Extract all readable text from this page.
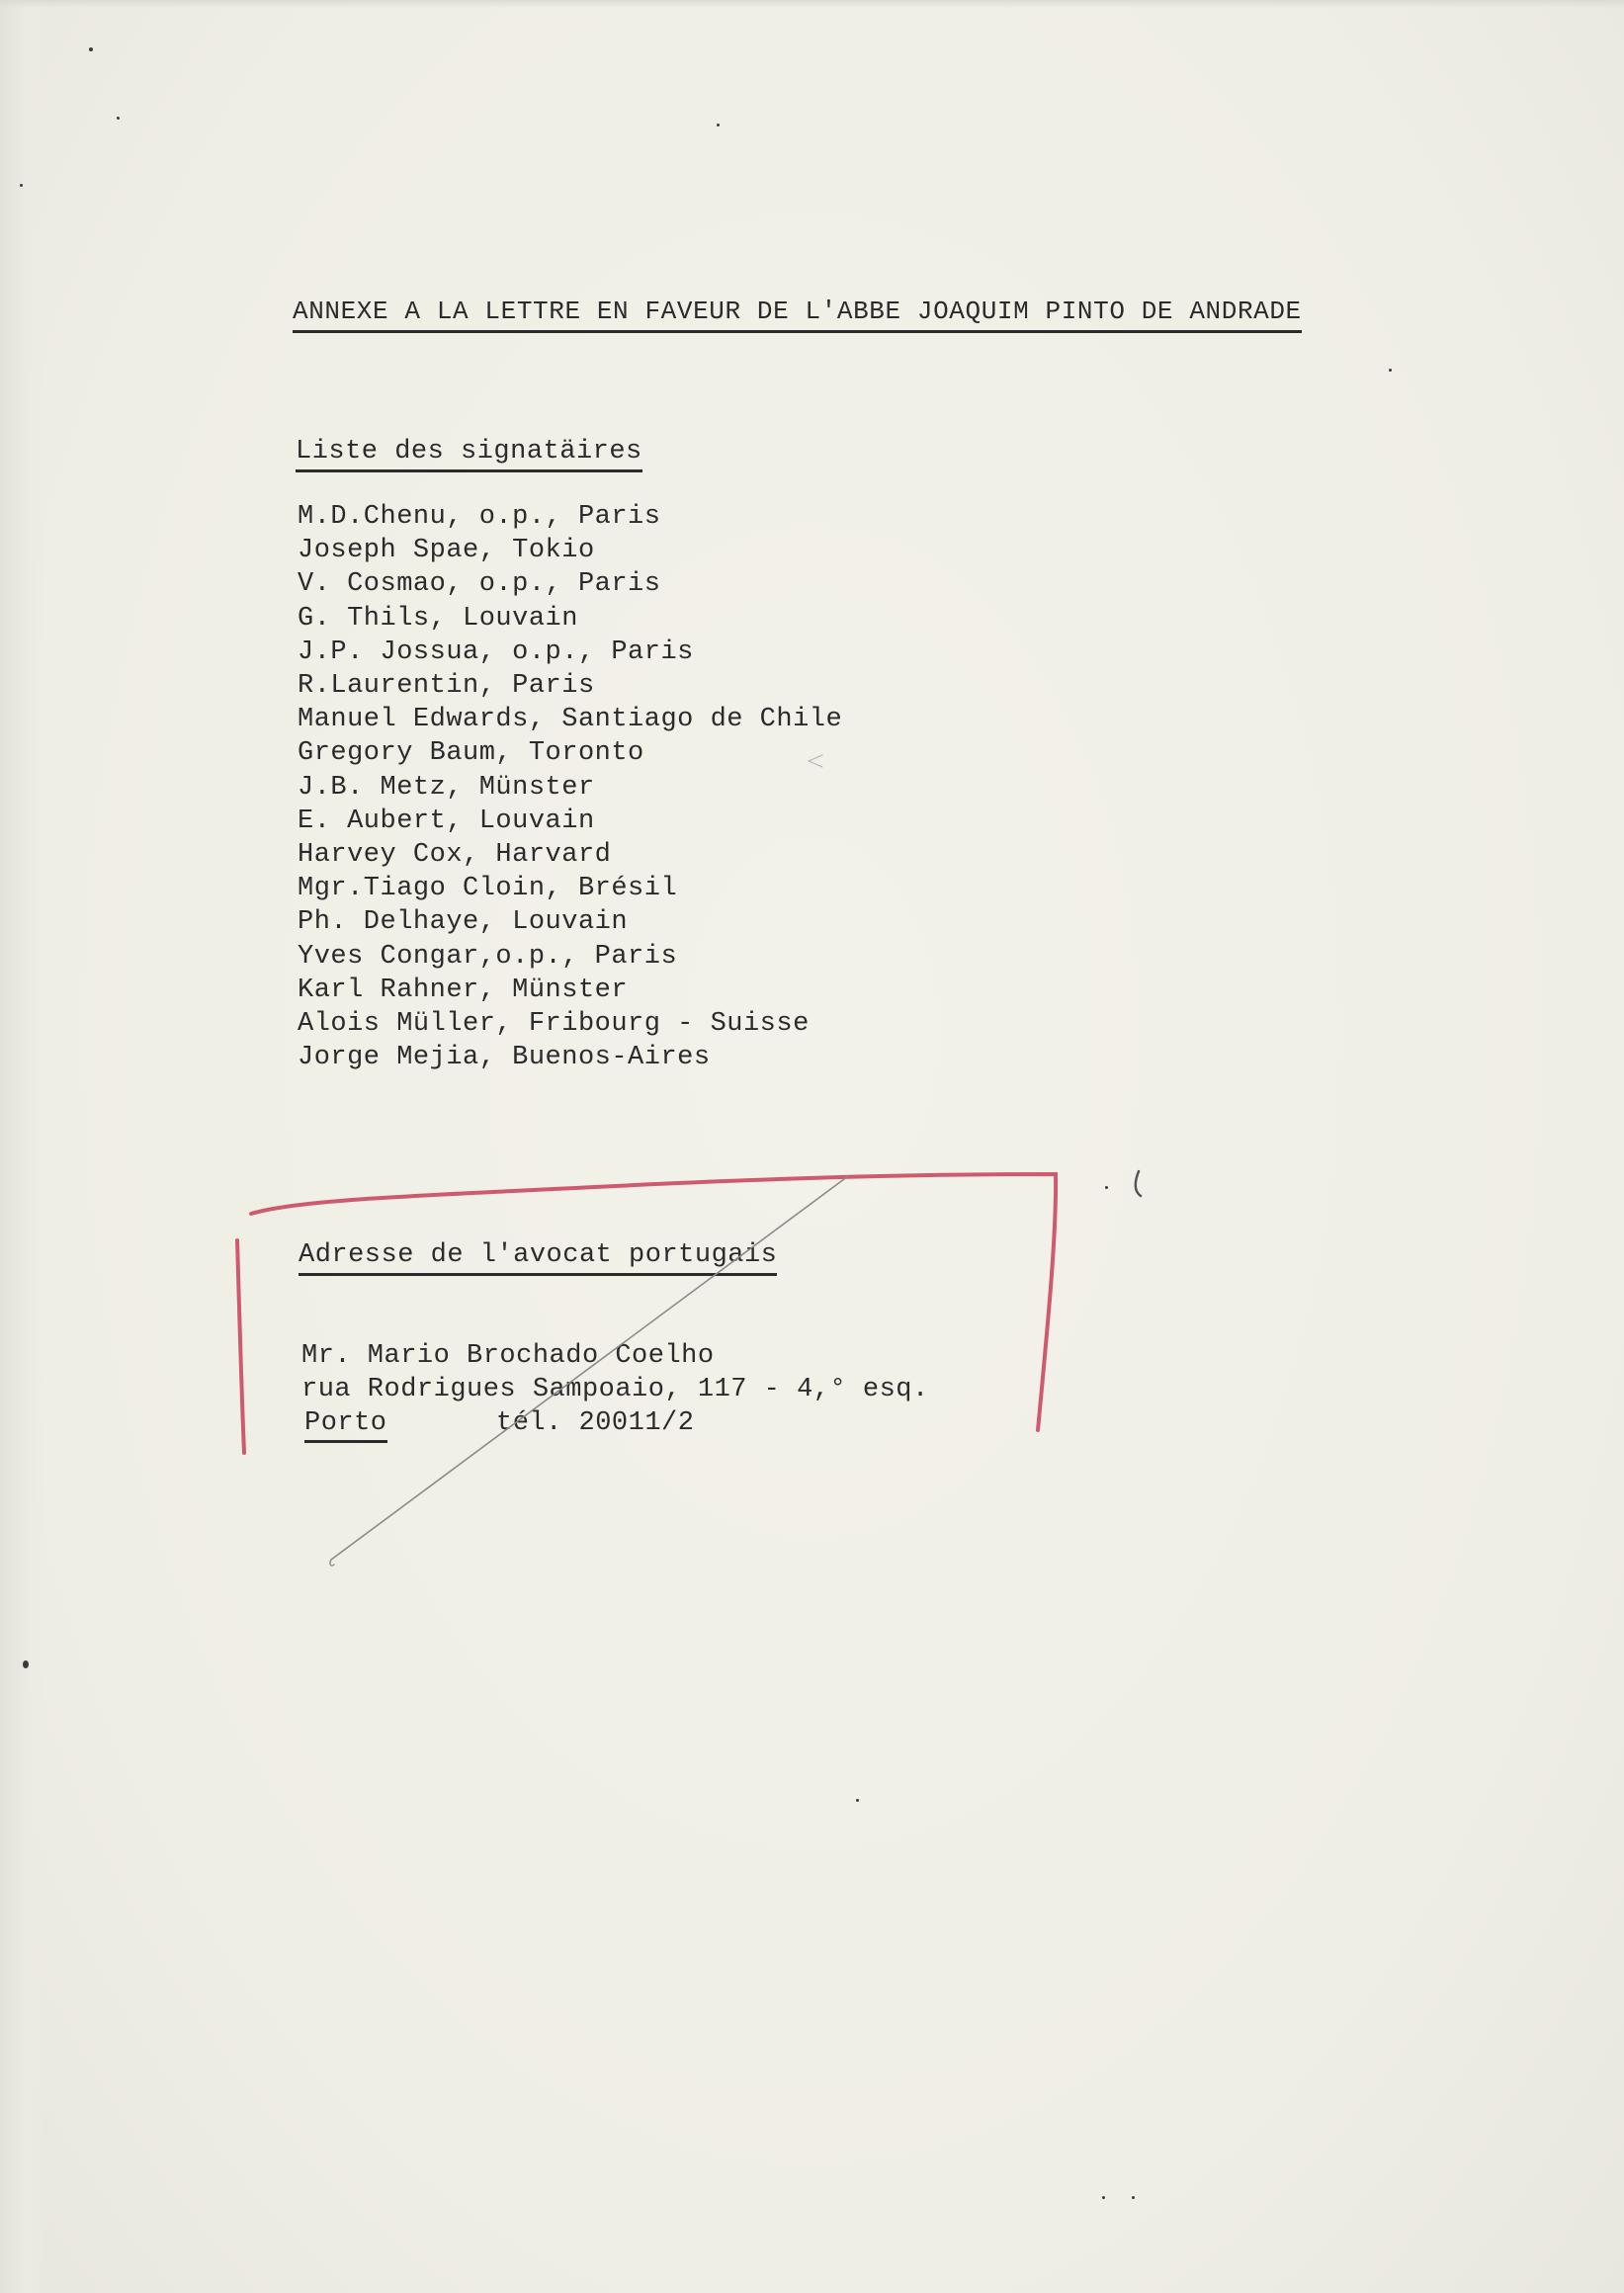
ANNEXE A LA LETTRE EN FAVEUR DE L'ABBE JOAQUIM PINTO DE ANDRADE
Liste des signatäires
M.D.Chenu, o.p., Paris
Joseph Spae, Tokio
V. Cosmao, o.p., Paris
G. Thils, Louvain
J.P. Jossua, o.p., Paris
R.Laurentin, Paris
Manuel Edwards, Santiago de Chile
Gregory Baum, Toronto
J.B. Metz, Münster
E. Aubert, Louvain
Harvey Cox, Harvard
Mgr.Tiago Cloin, Brésil
Ph. Delhaye, Louvain
Yves Congar,o.p., Paris
Karl Rahner, Münster
Alois Müller, Fribourg - Suisse
Jorge Mejia, Buenos-Aires
Adresse de l'avocat portugais
Mr. Mario Brochado Coelho
rua Rodrigues Sampoaio, 117 - 4,° esq.
Porto	tél. 20011/2
